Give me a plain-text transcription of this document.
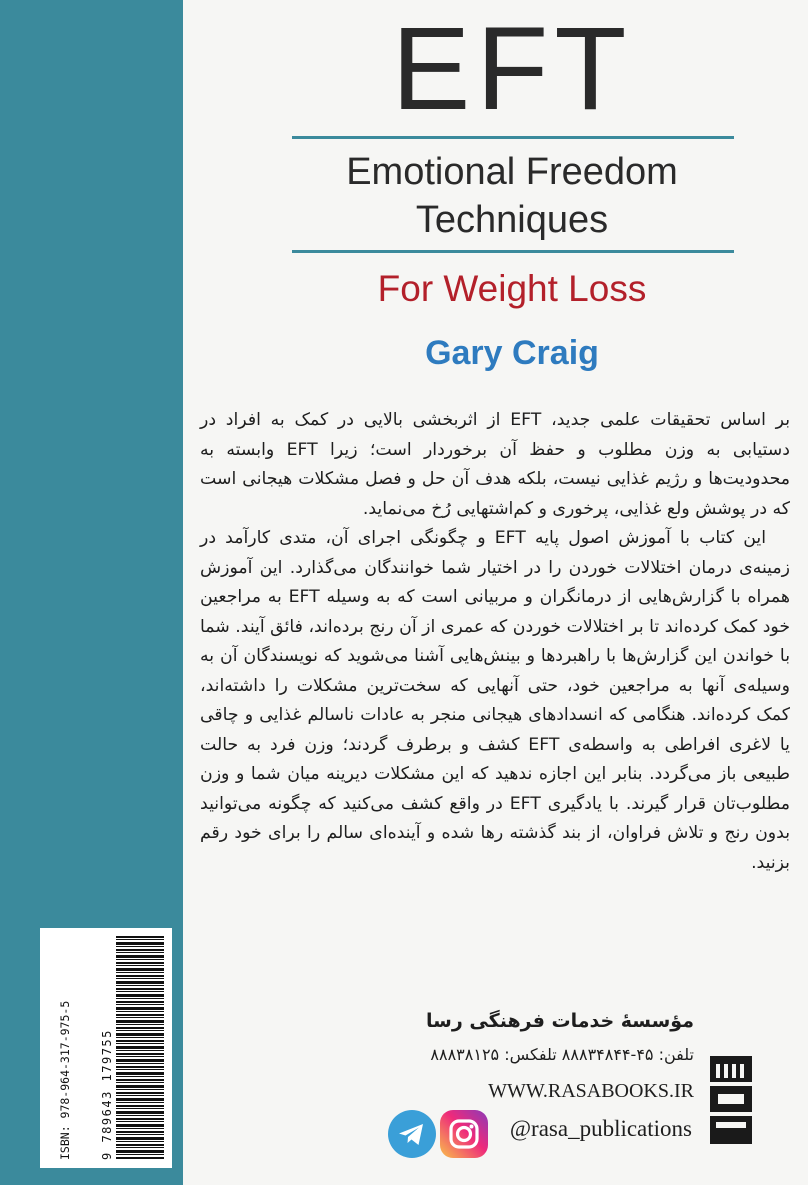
ISBN: 978-964-317-975-5 9 789643 179755
EFT
Emotional Freedom
Techniques
For Weight Loss
Gary Craig

بر اساس تحقیقات علمی جدید، EFT از اثربخشی بالایی در کمک به افراد در دستیابی به وزن مطلوب و حفظ آن برخوردار است؛ زیرا EFT وابسته به محدودیت‌ها و رژیم غذایی نیست، بلکه هدف آن حل و فصل مشکلات هیجانی است که در پوشش ولع غذایی، پرخوری و کم‌اشتهایی رُخ می‌نماید.

این کتاب با آموزش اصول پایه EFT و چگونگی اجرای آن، متدی کارآمد در زمینه‌ی درمان اختلالات خوردن را در اختیار شما خوانندگان می‌گذارد. این آموزش همراه با گزارش‌هایی از درمانگران و مربیانی است که به وسیله EFT به مراجعین خود کمک کرده‌اند تا بر اختلالات خوردن که عمری از آن رنج برده‌اند، فائق آیند. شما با خواندن این گزارش‌ها با راهبردها و بینش‌هایی آشنا می‌شوید که نویسندگان آن به وسیله‌ی آنها به مراجعین خود، حتی آنهایی که سخت‌ترین مشکلات را داشته‌اند، کمک کرده‌اند. هنگامی که انسدادهای هیجانی منجر به عادات ناسالم غذایی و چاقی یا لاغری افراطی به واسطه‌ی EFT کشف و برطرف گردند؛ وزن فرد به حالت طبیعی باز می‌گردد. بنابر این اجازه ندهید که این مشکلات دیرینه میان شما و وزن مطلوب‌تان قرار گیرند. با یادگیری EFT در واقع کشف می‌کنید که چگونه می‌توانید بدون رنج و تلاش فراوان، از بند گذشته رها شده و آینده‌ای سالم را برای خود رقم بزنید.

مؤسسهٔ خدمات فرهنگی رسا
تلفن: ۴۵-۸۸۸۳۴۸۴۴ تلفکس: ۸۸۸۳۸۱۲۵
WWW.RASABOOKS.IR
@rasa_publications
